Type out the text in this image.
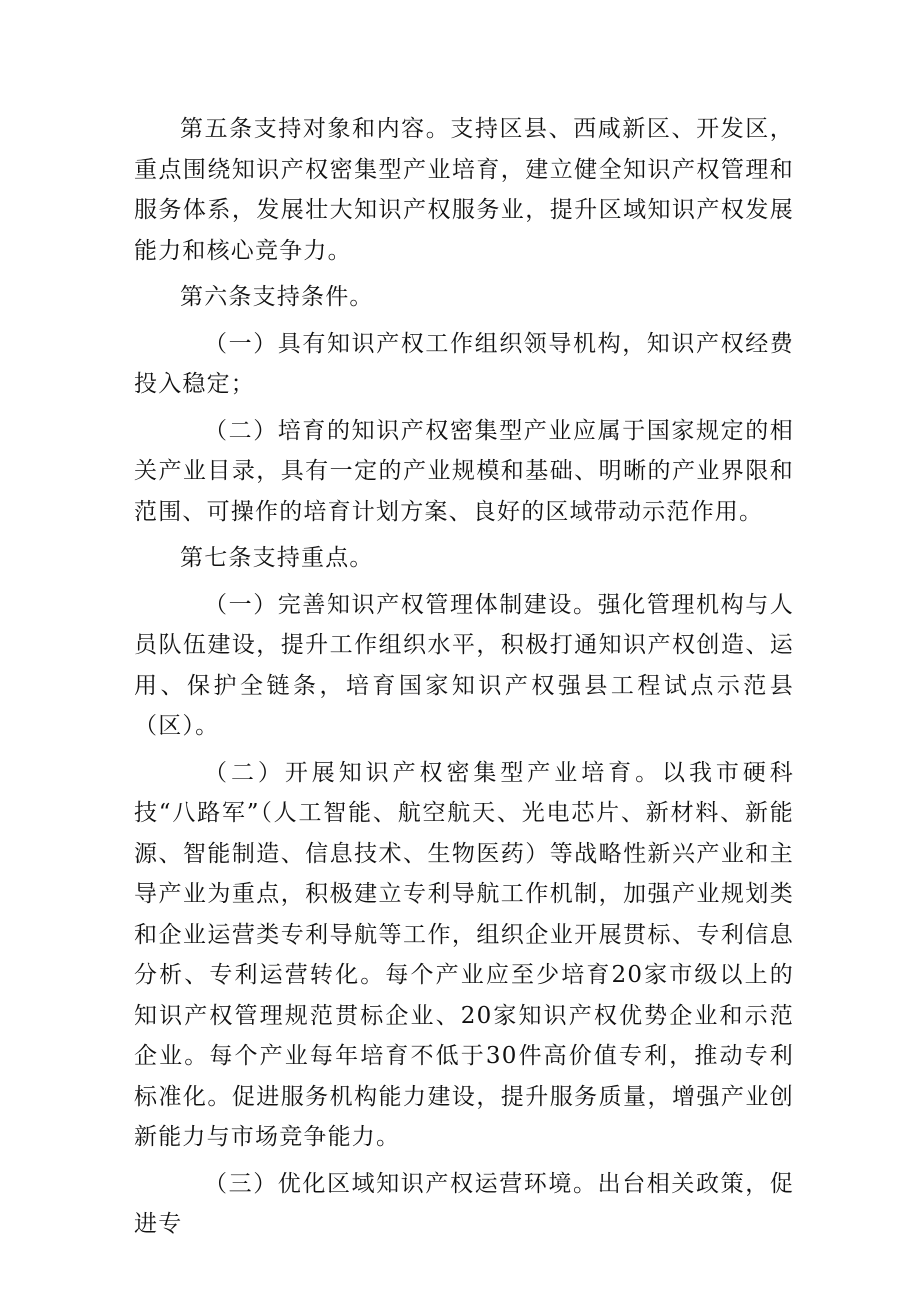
第五条支持对象和内容。支持区县、西咸新区、开发区，重点围绕知识产权密集型产业培育，建立健全知识产权管理和服务体系，发展壮大知识产权服务业，提升区域知识产权发展能力和核心竞争力。

第六条支持条件。

（一）具有知识产权工作组织领导机构，知识产权经费投入稳定；

（二）培育的知识产权密集型产业应属于国家规定的相关产业目录，具有一定的产业规模和基础、明晰的产业界限和范围、可操作的培育计划方案、良好的区域带动示范作用。

第七条支持重点。

（一）完善知识产权管理体制建设。强化管理机构与人员队伍建设，提升工作组织水平，积极打通知识产权创造、运用、保护全链条，培育国家知识产权强县工程试点示范县（区）。

（二）开展知识产权密集型产业培育。以我市硬科技“八路军”（人工智能、航空航天、光电芯片、新材料、新能源、智能制造、信息技术、生物医药）等战略性新兴产业和主导产业为重点，积极建立专利导航工作机制，加强产业规划类和企业运营类专利导航等工作，组织企业开展贯标、专利信息分析、专利运营转化。每个产业应至少培育20家市级以上的知识产权管理规范贯标企业、20家知识产权优势企业和示范企业。每个产业每年培育不低于30件高价值专利，推动专利标准化。促进服务机构能力建设，提升服务质量，增强产业创新能力与市场竞争能力。

（三）优化区域知识产权运营环境。出台相关政策，促进专
